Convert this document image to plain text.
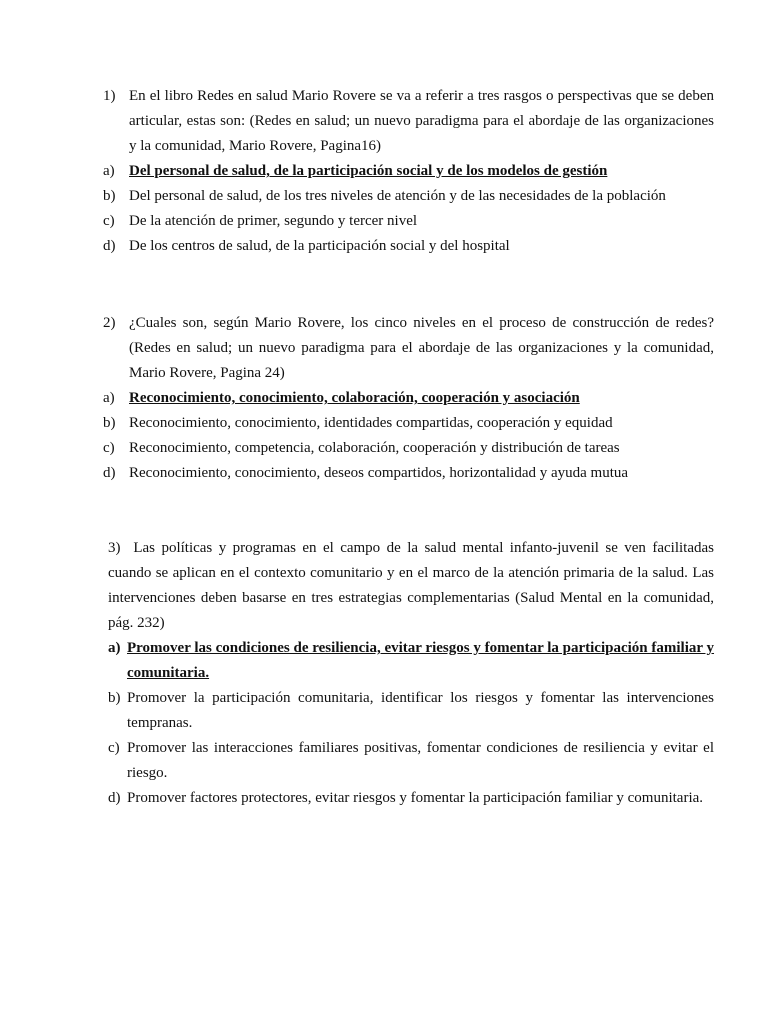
1) En el libro Redes en salud Mario Rovere se va a referir a tres rasgos o perspectivas que se deben articular, estas son: (Redes en salud; un nuevo paradigma para el abordaje de las organizaciones y la comunidad, Mario Rovere, Pagina16)
a) Del personal de salud, de la participación social y de los modelos de gestión
b) Del personal de salud, de los tres niveles de atención y de las necesidades de la población
c) De la atención de primer, segundo y tercer nivel
d) De los centros de salud, de la participación social y del hospital
2) ¿Cuales son, según Mario Rovere, los cinco niveles en el proceso de construcción de redes? (Redes en salud; un nuevo paradigma para el abordaje de las organizaciones y la comunidad, Mario Rovere, Pagina 24)
a) Reconocimiento, conocimiento, colaboración, cooperación y asociación
b) Reconocimiento, conocimiento, identidades compartidas, cooperación y equidad
c) Reconocimiento, competencia, colaboración, cooperación y distribución de tareas
d) Reconocimiento, conocimiento, deseos compartidos, horizontalidad y ayuda mutua
3) Las políticas y programas en el campo de la salud mental infanto-juvenil se ven facilitadas cuando se aplican en el contexto comunitario y en el marco de la atención primaria de la salud. Las intervenciones deben basarse en tres estrategias complementarias (Salud Mental en la comunidad, pág. 232)
a) Promover las condiciones de resiliencia, evitar riesgos y fomentar la participación familiar y comunitaria.
b) Promover la participación comunitaria, identificar los riesgos y fomentar las intervenciones tempranas.
c) Promover las interacciones familiares positivas, fomentar condiciones de resiliencia y evitar el riesgo.
d) Promover factores protectores, evitar riesgos y fomentar la participación familiar y comunitaria.
